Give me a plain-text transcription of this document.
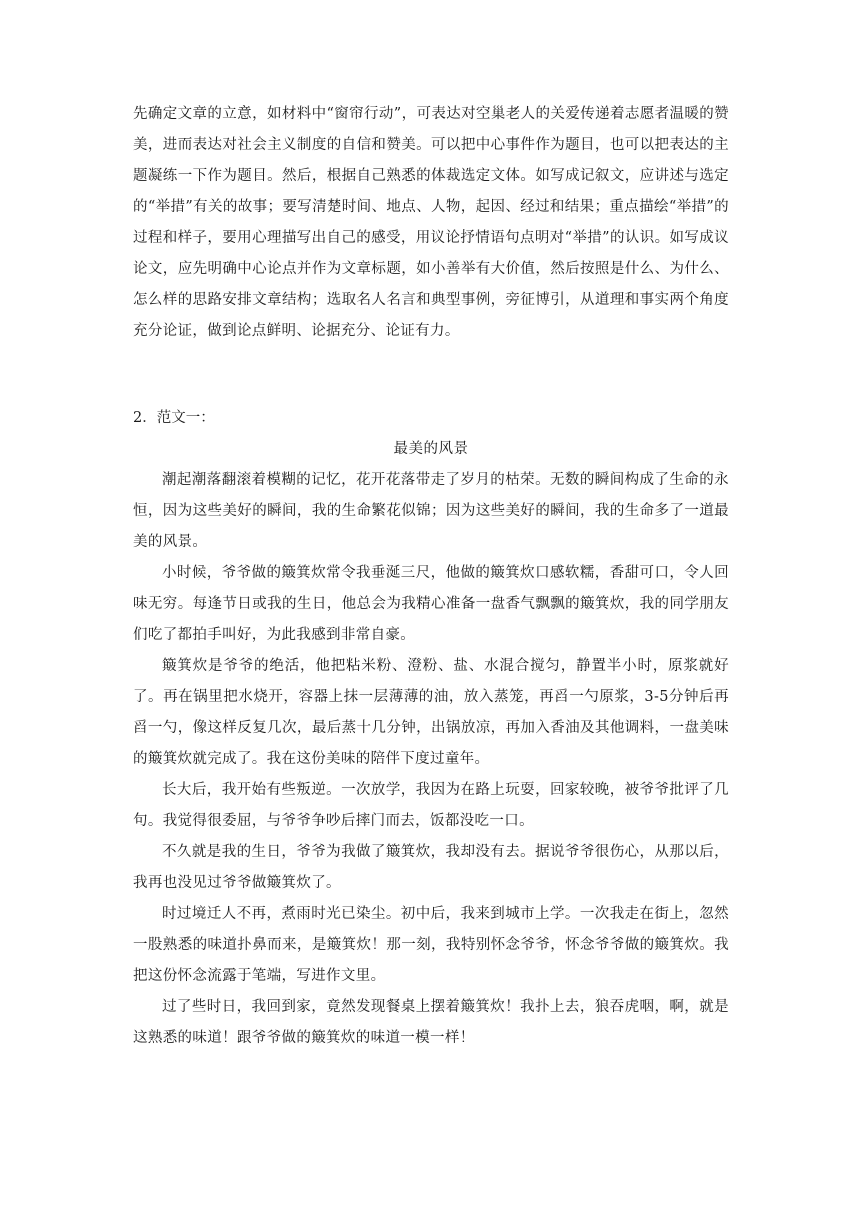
先确定文章的立意，如材料中“窗帘行动”，可表达对空巢老人的关爱传递着志愿者温暖的赞美，进而表达对社会主义制度的自信和赞美。可以把中心事件作为题目，也可以把表达的主题凝练一下作为题目。然后，根据自己熟悉的体裁选定文体。如写成记叙文，应讲述与选定的“举措”有关的故事；要写清楚时间、地点、人物，起因、经过和结果；重点描绘“举措”的过程和样子，要用心理描写出自己的感受，用议论抒情语句点明对“举措”的认识。如写成议论文，应先明确中心论点并作为文章标题，如小善举有大价值，然后按照是什么、为什么、怎么样的思路安排文章结构；选取名人名言和典型事例，旁征博引，从道理和事实两个角度充分论证，做到论点鲜明、论据充分、论证有力。

2．范文一：

最美的风景

潮起潮落翻滚着模糊的记忆，花开花落带走了岁月的枯荣。无数的瞬间构成了生命的永恒，因为这些美好的瞬间，我的生命繁花似锦；因为这些美好的瞬间，我的生命多了一道最美的风景。

小时候，爷爷做的簸箕炊常令我垂涎三尺，他做的簸箕炊口感软糯，香甜可口，令人回味无穷。每逢节日或我的生日，他总会为我精心准备一盘香气飘飘的簸箕炊，我的同学朋友们吃了都拍手叫好，为此我感到非常自豪。

簸箕炊是爷爷的绝活，他把粘米粉、澄粉、盐、水混合搅匀，静置半小时，原浆就好了。再在锅里把水烧开，容器上抹一层薄薄的油，放入蒸笼，再舀一勺原浆，3-5分钟后再舀一勺，像这样反复几次，最后蒸十几分钟，出锅放凉，再加入香油及其他调料，一盘美味的簸箕炊就完成了。我在这份美味的陪伴下度过童年。

长大后，我开始有些叛逆。一次放学，我因为在路上玩耍，回家较晚，被爷爷批评了几句。我觉得很委屈，与爷爷争吵后摔门而去，饭都没吃一口。

不久就是我的生日，爷爷为我做了簸箕炊，我却没有去。据说爷爷很伤心，从那以后，我再也没见过爷爷做簸箕炊了。

时过境迁人不再，煮雨时光已染尘。初中后，我来到城市上学。一次我走在街上，忽然一股熟悉的味道扑鼻而来，是簸箕炊！那一刻，我特别怀念爷爷，怀念爷爷做的簸箕炊。我把这份怀念流露于笔端，写进作文里。

过了些时日，我回到家，竟然发现餐桌上摆着簸箕炊！我扑上去，狼吞虎咽，啊，就是这熟悉的味道！跟爷爷做的簸箕炊的味道一模一样！
